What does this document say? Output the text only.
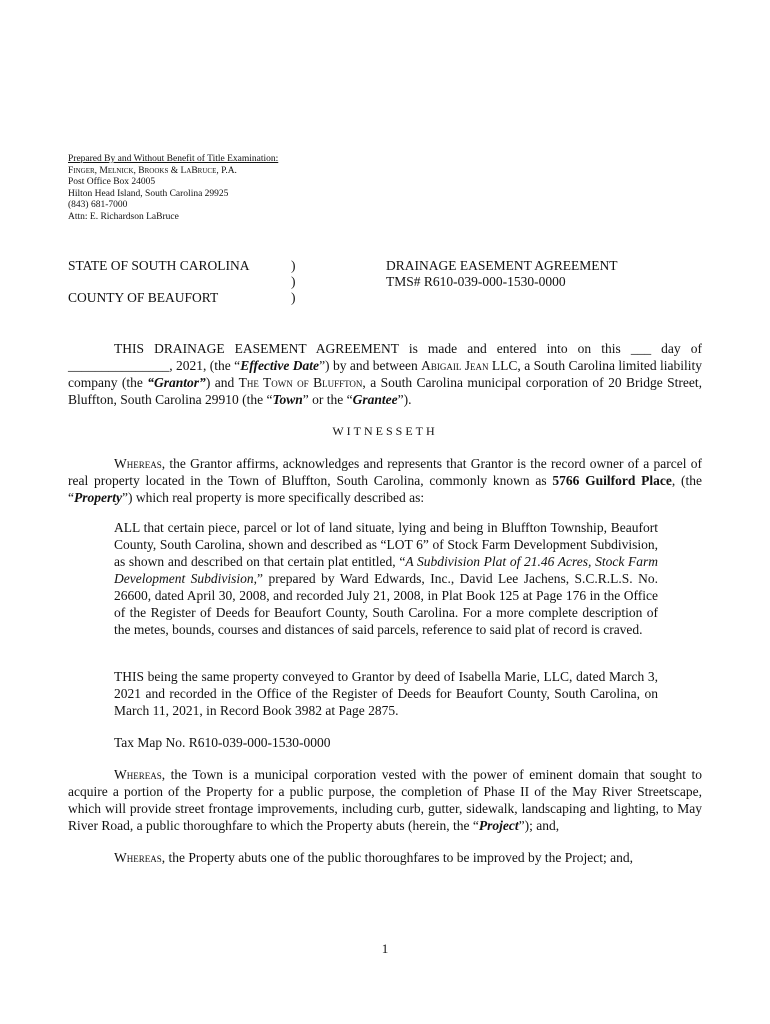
Prepared By and Without Benefit of Title Examination:
Finger, Melnick, Brooks & LaBruce, P.A.
Post Office Box 24005
Hilton Head Island, South Carolina 29925
(843) 681-7000
Attn: E. Richardson LaBruce
STATE OF SOUTH CAROLINA
COUNTY OF BEAUFORT
)
)
)
DRAINAGE EASEMENT AGREEMENT
TMS# R610-039-000-1530-0000
THIS DRAINAGE EASEMENT AGREEMENT is made and entered into on this ___ day of _______________, 2021, (the “Effective Date”) by and between Abigail Jean LLC, a South Carolina limited liability company (the “Grantor”) and The Town of Bluffton, a South Carolina municipal corporation of 20 Bridge Street, Bluffton, South Carolina 29910 (the “Town” or the “Grantee”).
WITNESSETH
Whereas, the Grantor affirms, acknowledges and represents that Grantor is the record owner of a parcel of real property located in the Town of Bluffton, South Carolina, commonly known as 5766 Guilford Place, (the “Property”) which real property is more specifically described as:
ALL that certain piece, parcel or lot of land situate, lying and being in Bluffton Township, Beaufort County, South Carolina, shown and described as “LOT 6” of Stock Farm Development Subdivision, as shown and described on that certain plat entitled, “A Subdivision Plat of 21.46 Acres, Stock Farm Development Subdivision,” prepared by Ward Edwards, Inc., David Lee Jachens, S.C.R.L.S. No. 26600, dated April 30, 2008, and recorded July 21, 2008, in Plat Book 125 at Page 176 in the Office of the Register of Deeds for Beaufort County, South Carolina. For a more complete description of the metes, bounds, courses and distances of said parcels, reference to said plat of record is craved.
THIS being the same property conveyed to Grantor by deed of Isabella Marie, LLC, dated March 3, 2021 and recorded in the Office of the Register of Deeds for Beaufort County, South Carolina, on March 11, 2021, in Record Book 3982 at Page 2875.
Tax Map No. R610-039-000-1530-0000
Whereas, the Town is a municipal corporation vested with the power of eminent domain that sought to acquire a portion of the Property for a public purpose, the completion of Phase II of the May River Streetscape, which will provide street frontage improvements, including curb, gutter, sidewalk, landscaping and lighting, to May River Road, a public thoroughfare to which the Property abuts (herein, the “Project”); and,
Whereas, the Property abuts one of the public thoroughfares to be improved by the Project; and,
1
